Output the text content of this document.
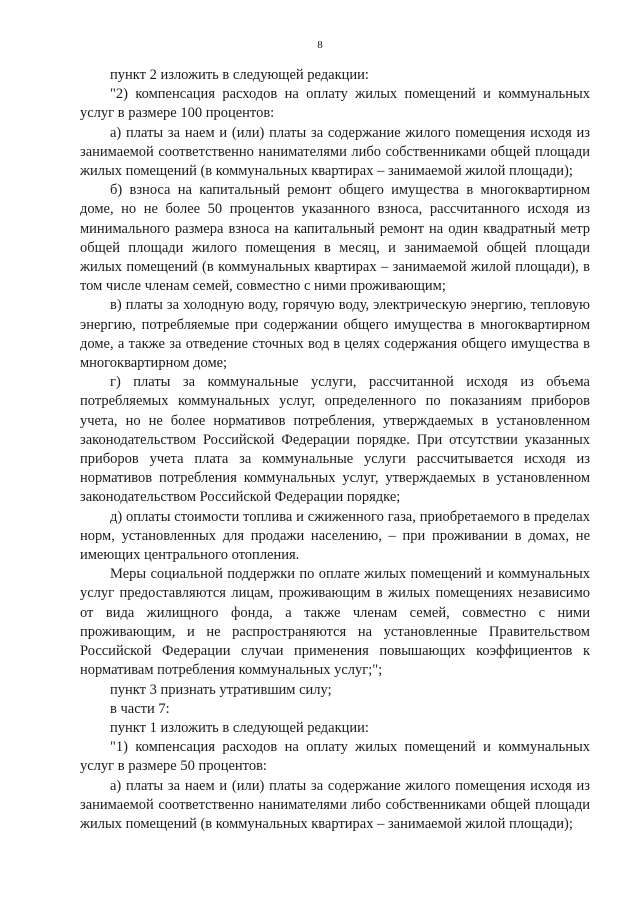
8

пункт 2 изложить в следующей редакции:

"2) компенсация расходов на оплату жилых помещений и коммунальных услуг в размере 100 процентов:

а) платы за наем и (или) платы за содержание жилого помещения исходя из занимаемой соответственно нанимателями либо собственниками общей площади жилых помещений (в коммунальных квартирах – занимаемой жилой площади);

б) взноса на капитальный ремонт общего имущества в многоквартирном доме, но не более 50 процентов указанного взноса, рассчитанного исходя из минимального размера взноса на капитальный ремонт на один квадратный метр общей площади жилого помещения в месяц, и занимаемой общей площади жилых помещений (в коммунальных квартирах – занимаемой жилой площади), в том числе членам семей, совместно с ними проживающим;

в) платы за холодную воду, горячую воду, электрическую энергию, тепловую энергию, потребляемые при содержании общего имущества в многоквартирном доме, а также за отведение сточных вод в целях содержания общего имущества в многоквартирном доме;

г) платы за коммунальные услуги, рассчитанной исходя из объема потребляемых коммунальных услуг, определенного по показаниям приборов учета, но не более нормативов потребления, утверждаемых в установленном законодательством Российской Федерации порядке. При отсутствии указанных приборов учета плата за коммунальные услуги рассчитывается исходя из нормативов потребления коммунальных услуг, утверждаемых в установленном законодательством Российской Федерации порядке;

д) оплаты стоимости топлива и сжиженного газа, приобретаемого в пределах норм, установленных для продажи населению, – при проживании в домах, не имеющих центрального отопления.

Меры социальной поддержки по оплате жилых помещений и коммунальных услуг предоставляются лицам, проживающим в жилых помещениях независимо от вида жилищного фонда, а также членам семей, совместно с ними проживающим, и не распространяются на установленные Правительством Российской Федерации случаи применения повышающих коэффициентов к нормативам потребления коммунальных услуг;";

пункт 3 признать утратившим силу;

в части 7:

пункт 1 изложить в следующей редакции:

"1) компенсация расходов на оплату жилых помещений и коммунальных услуг в размере 50 процентов:

а) платы за наем и (или) платы за содержание жилого помещения исходя из занимаемой соответственно нанимателями либо собственниками общей площади жилых помещений (в коммунальных квартирах – занимаемой жилой площади);
